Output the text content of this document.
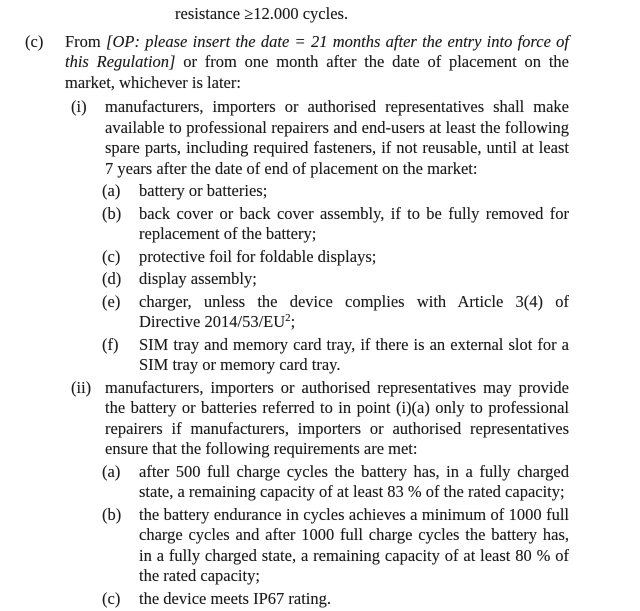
resistance ≥12.000 cycles.
(c) From [OP: please insert the date = 21 months after the entry into force of this Regulation] or from one month after the date of placement on the market, whichever is later:
(i) manufacturers, importers or authorised representatives shall make available to professional repairers and end-users at least the following spare parts, including required fasteners, if not reusable, until at least 7 years after the date of end of placement on the market:
(a) battery or batteries;
(b) back cover or back cover assembly, if to be fully removed for replacement of the battery;
(c) protective foil for foldable displays;
(d) display assembly;
(e) charger, unless the device complies with Article 3(4) of Directive 2014/53/EU$^2$;
(f) SIM tray and memory card tray, if there is an external slot for a SIM tray or memory card tray.
(ii) manufacturers, importers or authorised representatives may provide the battery or batteries referred to in point (i)(a) only to professional repairers if manufacturers, importers or authorised representatives ensure that the following requirements are met:
(a) after 500 full charge cycles the battery has, in a fully charged state, a remaining capacity of at least 83 % of the rated capacity;
(b) the battery endurance in cycles achieves a minimum of 1000 full charge cycles and after 1000 full charge cycles the battery has, in a fully charged state, a remaining capacity of at least 80 % of the rated capacity;
(c) the device meets IP67 rating.
